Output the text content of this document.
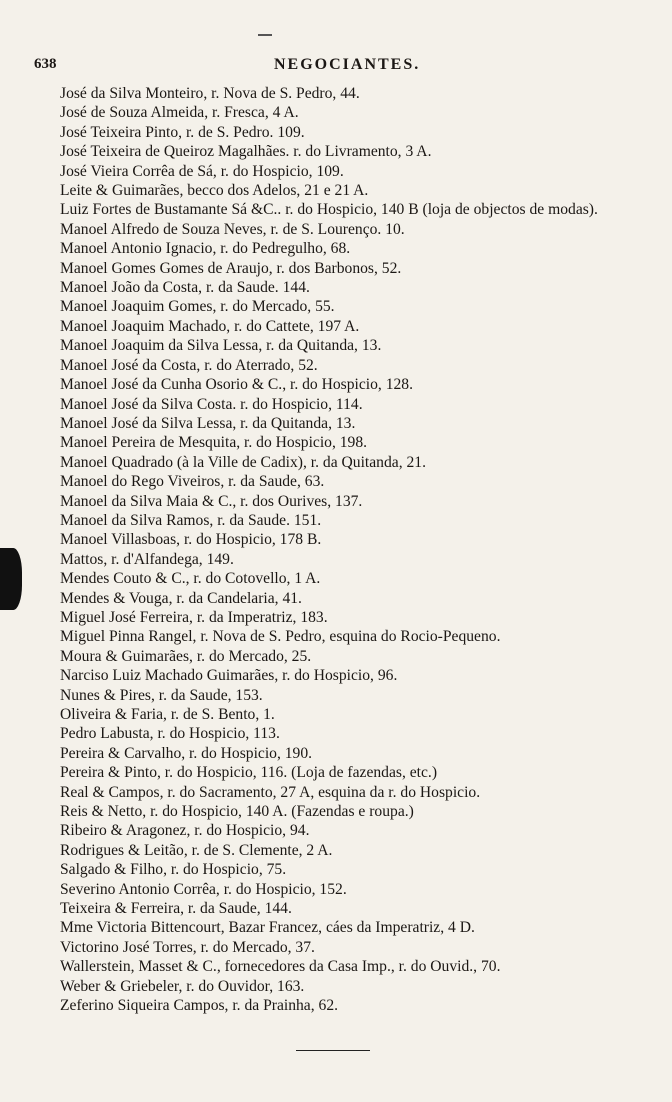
638	NEGOCIANTES.

José da Silva Monteiro, r. Nova de S. Pedro, 44.

José de Souza Almeida, r. Fresca, 4 A.

José Teixeira Pinto, r. de S. Pedro. 109.

José Teixeira de Queiroz Magalhães. r. do Livramento, 3 A.

José Vieira Corrêa de Sá, r. do Hospicio, 109.

Leite & Guimarães, becco dos Adelos, 21 e 21 A.

Luiz Fortes de Bustamante Sá &C.. r. do Hospicio, 140 B (loja de objectos de modas).

Manoel Alfredo de Souza Neves, r. de S. Lourenço. 10.

Manoel Antonio Ignacio, r. do Pedregulho, 68.

Manoel Gomes Gomes de Araujo, r. dos Barbonos, 52.

Manoel João da Costa, r. da Saude. 144.

Manoel Joaquim Gomes, r. do Mercado, 55.

Manoel Joaquim Machado, r. do Cattete, 197 A.

Manoel Joaquim da Silva Lessa, r. da Quitanda, 13.

Manoel José da Costa, r. do Aterrado, 52.

Manoel José da Cunha Osorio & C., r. do Hospicio, 128.

Manoel José da Silva Costa. r. do Hospicio, 114.

Manoel José da Silva Lessa, r. da Quitanda, 13.

Manoel Pereira de Mesquita, r. do Hospicio, 198.

Manoel Quadrado (à la Ville de Cadix), r. da Quitanda, 21.

Manoel do Rego Viveiros, r. da Saude, 63.

Manoel da Silva Maia & C., r. dos Ourives, 137.

Manoel da Silva Ramos, r. da Saude. 151.

Manoel Villasboas, r. do Hospicio, 178 B.

Mattos, r. d'Alfandega, 149.

Mendes Couto & C., r. do Cotovello, 1 A.

Mendes & Vouga, r. da Candelaria, 41.

Miguel José Ferreira, r. da Imperatriz, 183.

Miguel Pinna Rangel, r. Nova de S. Pedro, esquina do Rocio-Pequeno.

Moura & Guimarães, r. do Mercado, 25.

Narciso Luiz Machado Guimarães, r. do Hospicio, 96.

Nunes & Pires, r. da Saude, 153.

Oliveira & Faria, r. de S. Bento, 1.

Pedro Labusta, r. do Hospicio, 113.

Pereira & Carvalho, r. do Hospicio, 190.

Pereira & Pinto, r. do Hospicio, 116. (Loja de fazendas, etc.)

Real & Campos, r. do Sacramento, 27 A, esquina da r. do Hospicio.

Reis & Netto, r. do Hospicio, 140 A. (Fazendas e roupa.)

Ribeiro & Aragonez, r. do Hospicio, 94.

Rodrigues & Leitão, r. de S. Clemente, 2 A.

Salgado & Filho, r. do Hospicio, 75.

Severino Antonio Corrêa, r. do Hospicio, 152.

Teixeira & Ferreira, r. da Saude, 144.

Mme Victoria Bittencourt, Bazar Francez, cáes da Imperatriz, 4 D.

Victorino José Torres, r. do Mercado, 37.

Wallerstein, Masset & C., fornecedores da Casa Imp., r. do Ouvid., 70.

Weber & Griebeler, r. do Ouvidor, 163.

Zeferino Siqueira Campos, r. da Prainha, 62.
